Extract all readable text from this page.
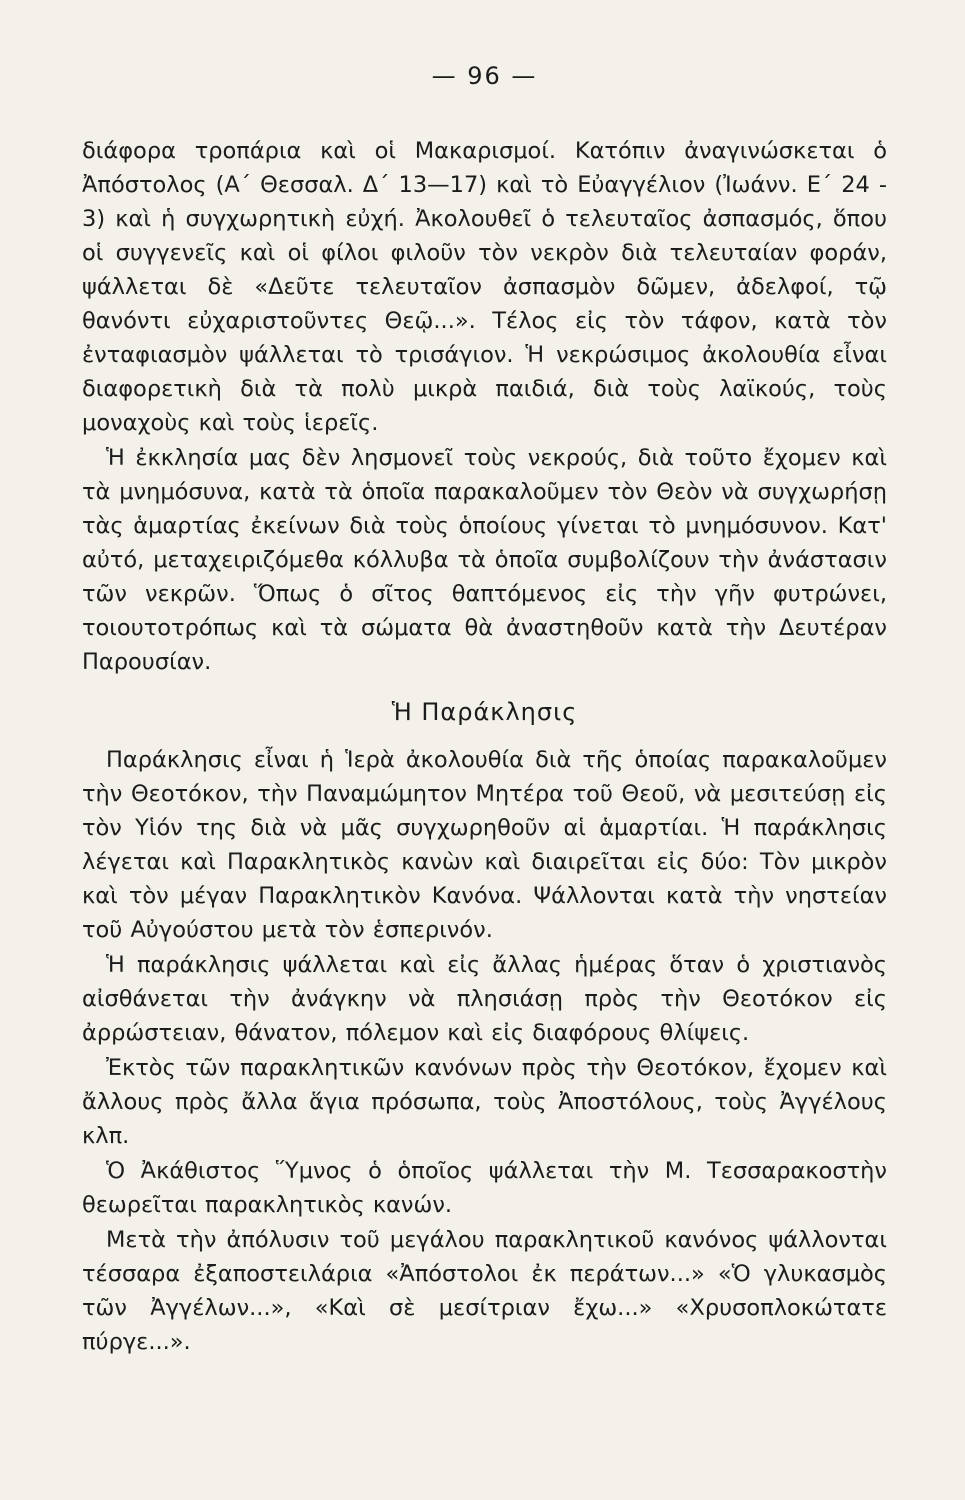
— 96 —

διάφορα τροπάρια καὶ οἱ Μακαρισμοί. Κατόπιν ἀναγινώσκεται ὁ Ἀπόστολος (Α΄ Θεσσαλ. Δ΄ 13—17) καὶ τὸ Εὐαγγέλιον (Ἰωάνν. Ε΄ 24 - 3) καὶ ἡ συγχωρητικὴ εὐχή. Ἀκολουθεῖ ὁ τελευταῖος ἀσπασμός, ὅπου οἱ συγγενεῖς καὶ οἱ φίλοι φιλοῦν τὸν νεκρὸν διὰ τελευταίαν φοράν, ψάλλεται δὲ «Δεῦτε τελευταῖον ἀσπασμὸν δῶμεν, ἀδελφοί, τῷ θανόντι εὐχαριστοῦντες Θεῷ...». Τέλος εἰς τὸν τάφον, κατὰ τὸν ἐνταφιασμὸν ψάλλεται τὸ τρισάγιον. Ἡ νεκρώσιμος ἀκολουθία εἶναι διαφορετικὴ διὰ τὰ πολὺ μικρὰ παιδιά, διὰ τοὺς λαϊκούς, τοὺς μοναχοὺς καὶ τοὺς ἱερεῖς.

Ἡ ἐκκλησία μας δὲν λησμονεῖ τοὺς νεκρούς, διὰ τοῦτο ἔχομεν καὶ τὰ μνημόσυνα, κατὰ τὰ ὁποῖα παρακαλοῦμεν τὸν Θεὸν νὰ συγχωρήσῃ τὰς ἁμαρτίας ἐκείνων διὰ τοὺς ὁποίους γίνεται τὸ μνημόσυνον. Κατ' αὐτό, μεταχειριζόμεθα κόλλυβα τὰ ὁποῖα συμβολίζουν τὴν ἀνάστασιν τῶν νεκρῶν. Ὅπως ὁ σῖτος θαπτόμενος εἰς τὴν γῆν φυτρώνει, τοιουτοτρόπως καὶ τὰ σώματα θὰ ἀναστηθοῦν κατὰ τὴν Δευτέραν Παρουσίαν.

Ἡ Παράκλησις

Παράκλησις εἶναι ἡ Ἱερὰ ἀκολουθία διὰ τῆς ὁποίας παρακαλοῦμεν τὴν Θεοτόκον, τὴν Παναμώμητον Μητέρα τοῦ Θεοῦ, νὰ μεσιτεύσῃ εἰς τὸν Υἱόν της διὰ νὰ μᾶς συγχωρηθοῦν αἱ ἁμαρτίαι. Ἡ παράκλησις λέγεται καὶ Παρακλητικὸς κανὼν καὶ διαιρεῖται εἰς δύο: Τὸν μικρὸν καὶ τὸν μέγαν Παρακλητικὸν Κανόνα. Ψάλλονται κατὰ τὴν νηστείαν τοῦ Αὐγούστου μετὰ τὸν ἑσπερινόν.

Ἡ παράκλησις ψάλλεται καὶ εἰς ἄλλας ἡμέρας ὅταν ὁ χριστιανὸς αἰσθάνεται τὴν ἀνάγκην νὰ πλησιάσῃ πρὸς τὴν Θεοτόκον εἰς ἀρρώστειαν, θάνατον, πόλεμον καὶ εἰς διαφόρους θλίψεις.

Ἐκτὸς τῶν παρακλητικῶν κανόνων πρὸς τὴν Θεοτόκον, ἔχομεν καὶ ἄλλους πρὸς ἄλλα ἅγια πρόσωπα, τοὺς Ἀποστόλους, τοὺς Ἀγγέλους κλπ.

Ὁ Ἀκάθιστος Ὕμνος ὁ ὁποῖος ψάλλεται τὴν Μ. Τεσσαρακοστὴν θεωρεῖται παρακλητικὸς κανών.

Μετὰ τὴν ἀπόλυσιν τοῦ μεγάλου παρακλητικοῦ κανόνος ψάλλονται τέσσαρα ἐξαποστειλάρια «Ἀπόστολοι ἐκ περάτων...» «Ὁ γλυκασμὸς τῶν Ἀγγέλων...», «Καὶ σὲ μεσίτριαν ἔχω...» «Χρυσοπλοκώτατε πύργε...».
